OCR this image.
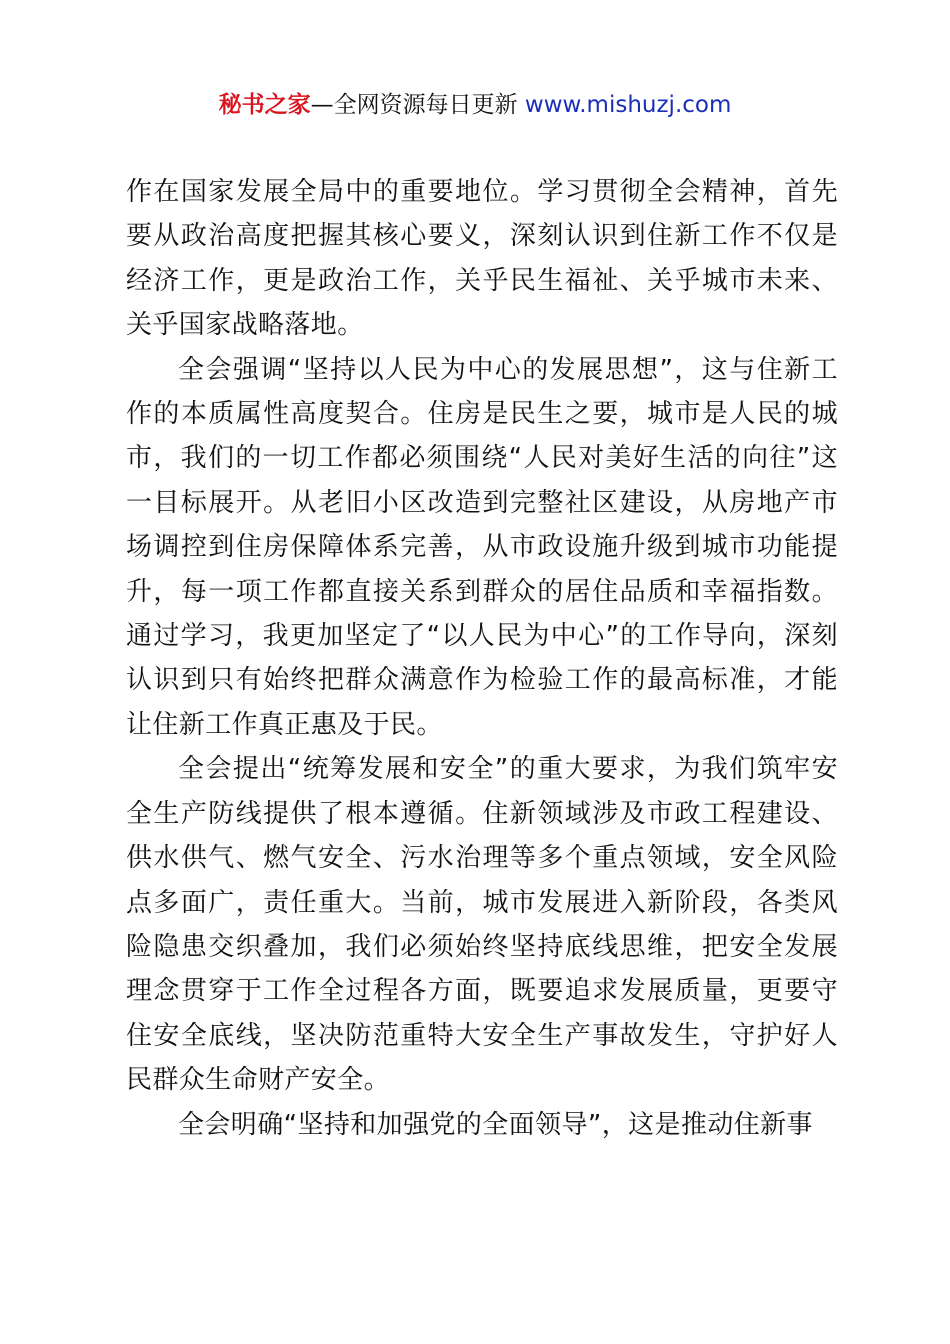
秘书之家—全网资源每日更新 www.mishuzj.com

作在国家发展全局中的重要地位。学习贯彻全会精神，首先要从政治高度把握其核心要义，深刻认识到住新工作不仅是经济工作，更是政治工作，关乎民生福祉、关乎城市未来、关乎国家战略落地。

全会强调“坚持以人民为中心的发展思想”，这与住新工作的本质属性高度契合。住房是民生之要，城市是人民的城市，我们的一切工作都必须围绕“人民对美好生活的向往”这一目标展开。从老旧小区改造到完整社区建设，从房地产市场调控到住房保障体系完善，从市政设施升级到城市功能提升，每一项工作都直接关系到群众的居住品质和幸福指数。通过学习，我更加坚定了“以人民为中心”的工作导向，深刻认识到只有始终把群众满意作为检验工作的最高标准，才能让住新工作真正惠及于民。

全会提出“统筹发展和安全”的重大要求，为我们筑牢安全生产防线提供了根本遵循。住新领域涉及市政工程建设、供水供气、燃气安全、污水治理等多个重点领域，安全风险点多面广，责任重大。当前，城市发展进入新阶段，各类风险隐患交织叠加，我们必须始终坚持底线思维，把安全发展理念贯穿于工作全过程各方面，既要追求发展质量，更要守住安全底线，坚决防范重特大安全生产事故发生，守护好人民群众生命财产安全。

全会明确“坚持和加强党的全面领导”，这是推动住新事
